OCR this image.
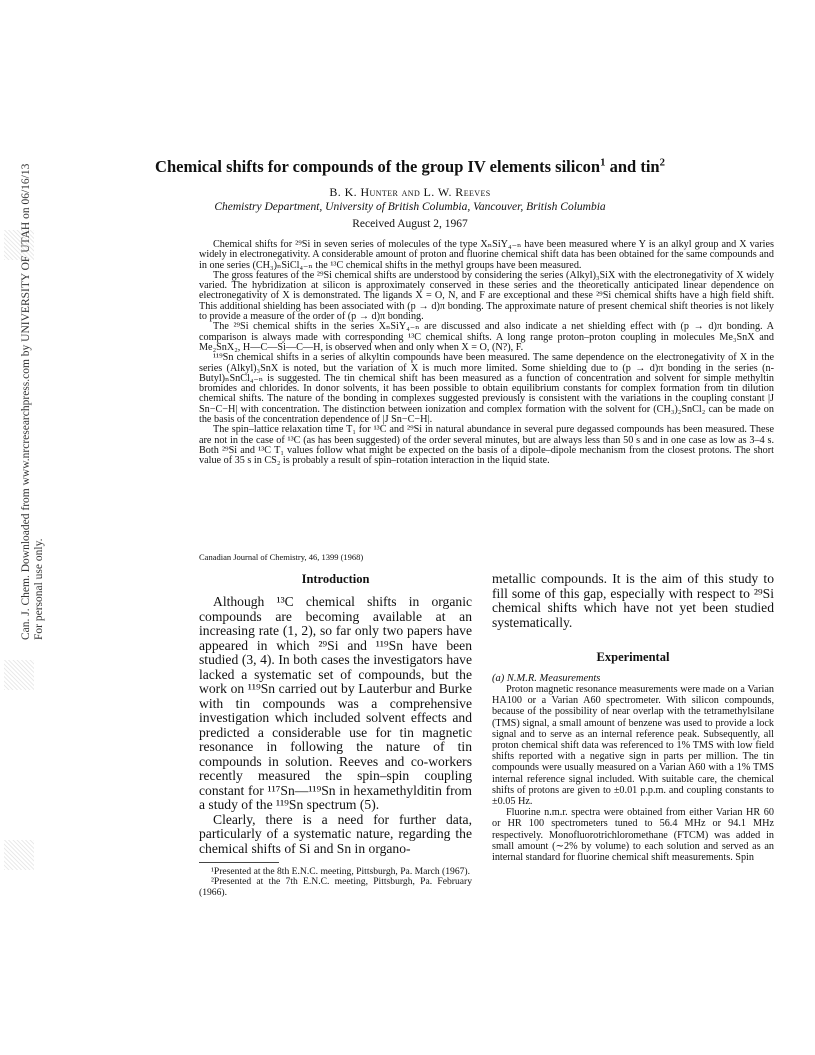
Can. J. Chem. Downloaded from www.nrcresearchpress.com by UNIVERSITY OF UTAH on 06/16/13 For personal use only.
Chemical shifts for compounds of the group IV elements silicon$^1$ and tin$^2$
B. K. Hunter and L. W. Reeves
Chemistry Department, University of British Columbia, Vancouver, British Columbia
Received August 2, 1967

Chemical shifts for ²⁹Si in seven series of molecules of the type XₙSiY₄₋ₙ have been measured where Y is an alkyl group and X varies widely in electronegativity. A considerable amount of proton and fluorine chemical shift data has been obtained for the same compounds and in one series (CH₃)ₙSiCl₄₋ₙ the ¹³C chemical shifts in the methyl groups have been measured.

The gross features of the ²⁹Si chemical shifts are understood by considering the series (Alkyl)₃SiX with the electronegativity of X widely varied. The hybridization at silicon is approximately conserved in these series and the theoretically anticipated linear dependence on electronegativity of X is demonstrated. The ligands X = O, N, and F are exceptional and these ²⁹Si chemical shifts have a high field shift. This additional shielding has been associated with (p → d)π bonding. The approximate nature of present chemical shift theories is not likely to provide a measure of the order of (p → d)π bonding.

The ²⁹Si chemical shifts in the series XₙSiY₄₋ₙ are discussed and also indicate a net shielding effect with (p → d)π bonding. A comparison is always made with corresponding ¹³C chemical shifts. A long range proton–proton coupling in molecules Me₃SnX and Me₂SnX₂, H—C—Si—C—H, is observed when and only when X = O, (N?), F.

¹¹⁹Sn chemical shifts in a series of alkyltin compounds have been measured. The same dependence on the electronegativity of X in the series (Alkyl)₃SnX is noted, but the variation of X is much more limited. Some shielding due to (p → d)π bonding in the series (n-Butyl)ₙSnCl₄₋ₙ is suggested. The tin chemical shift has been measured as a function of concentration and solvent for simple methyltin bromides and chlorides. In donor solvents, it has been possible to obtain equilibrium constants for complex formation from tin dilution chemical shifts. The nature of the bonding in complexes suggested previously is consistent with the variations in the coupling constant |J Sn−C−H| with concentration. The distinction between ionization and complex formation with the solvent for (CH₃)₂SnCl₂ can be made on the basis of the concentration dependence of |J Sn−C−H|.

The spin–lattice relaxation time T₁ for ¹³C and ²⁹Si in natural abundance in several pure degassed compounds has been measured. These are not in the case of ¹³C (as has been suggested) of the order several minutes, but are always less than 50 s and in one case as low as 3–4 s. Both ²⁹Si and ¹³C T₁ values follow what might be expected on the basis of a dipole–dipole mechanism from the closest protons. The short value of 35 s in CS₂ is probably a result of spin–rotation interaction in the liquid state.

Canadian Journal of Chemistry, 46, 1399 (1968)
Introduction

Although ¹³C chemical shifts in organic compounds are becoming available at an increasing rate (1, 2), so far only two papers have appeared in which ²⁹Si and ¹¹⁹Sn have been studied (3, 4). In both cases the investigators have lacked a systematic set of compounds, but the work on ¹¹⁹Sn carried out by Lauterbur and Burke with tin compounds was a comprehensive investigation which included solvent effects and predicted a considerable use for tin magnetic resonance in following the nature of tin compounds in solution. Reeves and co-workers recently measured the spin–spin coupling constant for ¹¹⁷Sn—¹¹⁹Sn in hexamethylditin from a study of the ¹¹⁹Sn spectrum (5).

Clearly, there is a need for further data, particularly of a systematic nature, regarding the chemical shifts of Si and Sn in organo-

¹Presented at the 8th E.N.C. meeting, Pittsburgh, Pa. March (1967).

²Presented at the 7th E.N.C. meeting, Pittsburgh, Pa. February (1966).

metallic compounds. It is the aim of this study to fill some of this gap, especially with respect to ²⁹Si chemical shifts which have not yet been studied systematically.

Experimental
(a) N.M.R. Measurements

Proton magnetic resonance measurements were made on a Varian HA100 or a Varian A60 spectrometer. With silicon compounds, because of the possibility of near overlap with the tetramethylsilane (TMS) signal, a small amount of benzene was used to provide a lock signal and to serve as an internal reference peak. Subsequently, all proton chemical shift data was referenced to 1% TMS with low field shifts reported with a negative sign in parts per million. The tin compounds were usually measured on a Varian A60 with a 1% TMS internal reference signal included. With suitable care, the chemical shifts of protons are given to ±0.01 p.p.m. and coupling constants to ±0.05 Hz.

Fluorine n.m.r. spectra were obtained from either Varian HR 60 or HR 100 spectrometers tuned to 56.4 MHz or 94.1 MHz respectively. Monofluorotrichloromethane (FTCM) was added in small amount (∼2% by volume) to each solution and served as an internal standard for fluorine chemical shift measurements. Spin
